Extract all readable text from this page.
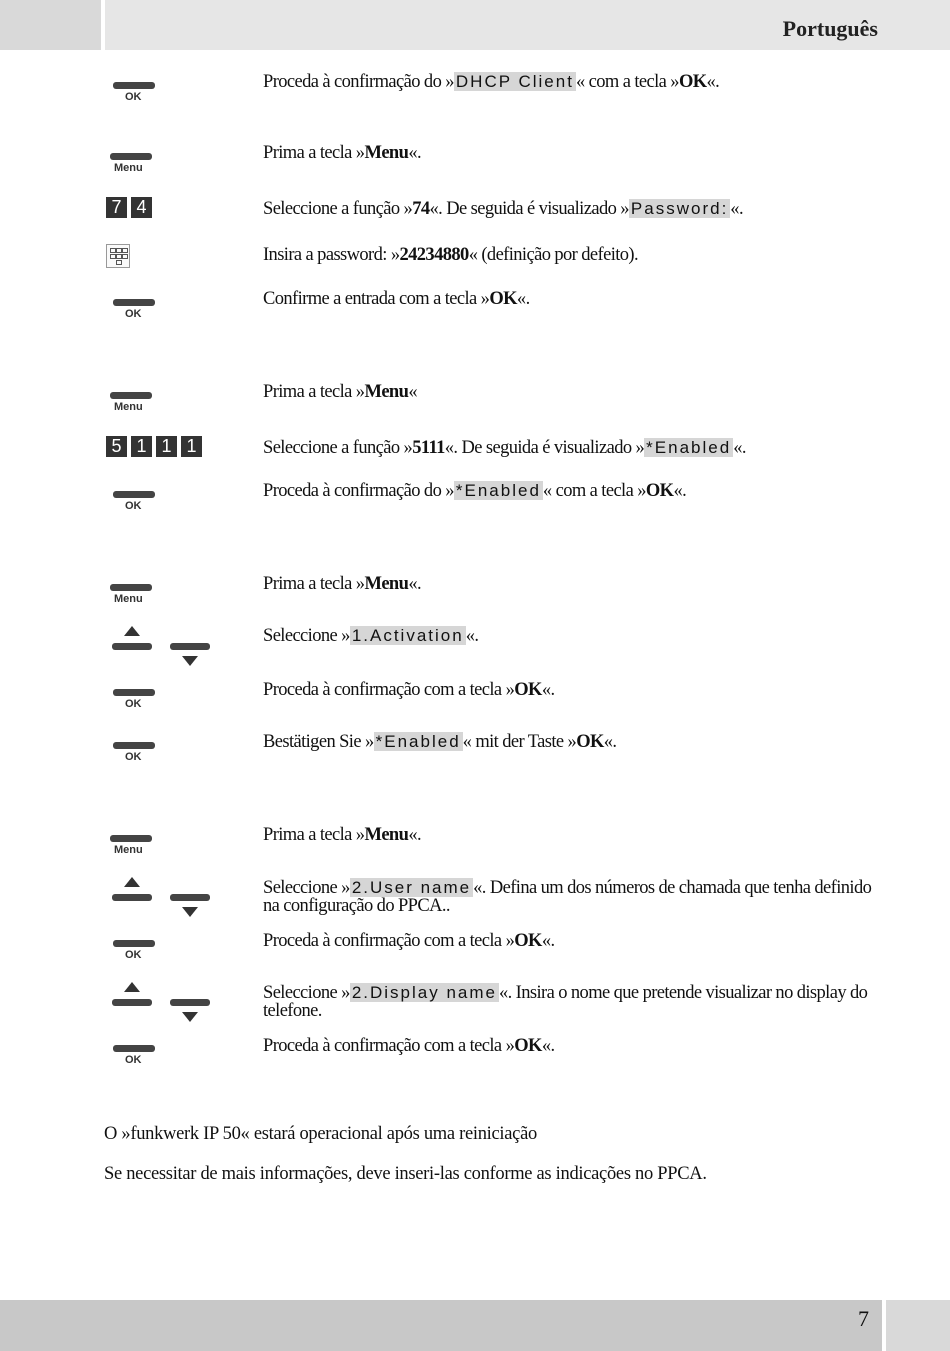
Português
OK
Menu
7 4
OK
Menu
5 1 1 1
OK
Menu
OK
OK
Menu
OK
OK
Proceda à confirmação do » DHCP Client « com a tecla »OK«.
Prima a tecla »Menu«.
Seleccione a função »74«. De seguida é visualizado » Password: «.
Insira a password: »24234880« (definição por defeito).
Confirme a entrada com a tecla »OK«.
Prima a tecla »Menu«
Seleccione a função »5111«. De seguida é visualizado » *Enabled «.
Proceda à confirmação do » *Enabled « com a tecla »OK«.
Prima a tecla »Menu«.
Seleccione » 1.Activation «.
Proceda à confirmação com a tecla »OK«.
Bestätigen Sie » *Enabled « mit der Taste »OK«.
Prima a tecla »Menu«.
Seleccione » 2.User name «. Defina um dos números de chamada que tenha definido na configuração do PPCA..
Proceda à confirmação com a tecla »OK«.
Seleccione » 2.Display name «. Insira o nome que pretende visualizar no display do telefone.
Proceda à confirmação com a tecla »OK«.
O »funkwerk IP 50« estará operacional após uma reiniciação
Se necessitar de mais informações, deve inseri-las conforme as indicações no PPCA.
7
